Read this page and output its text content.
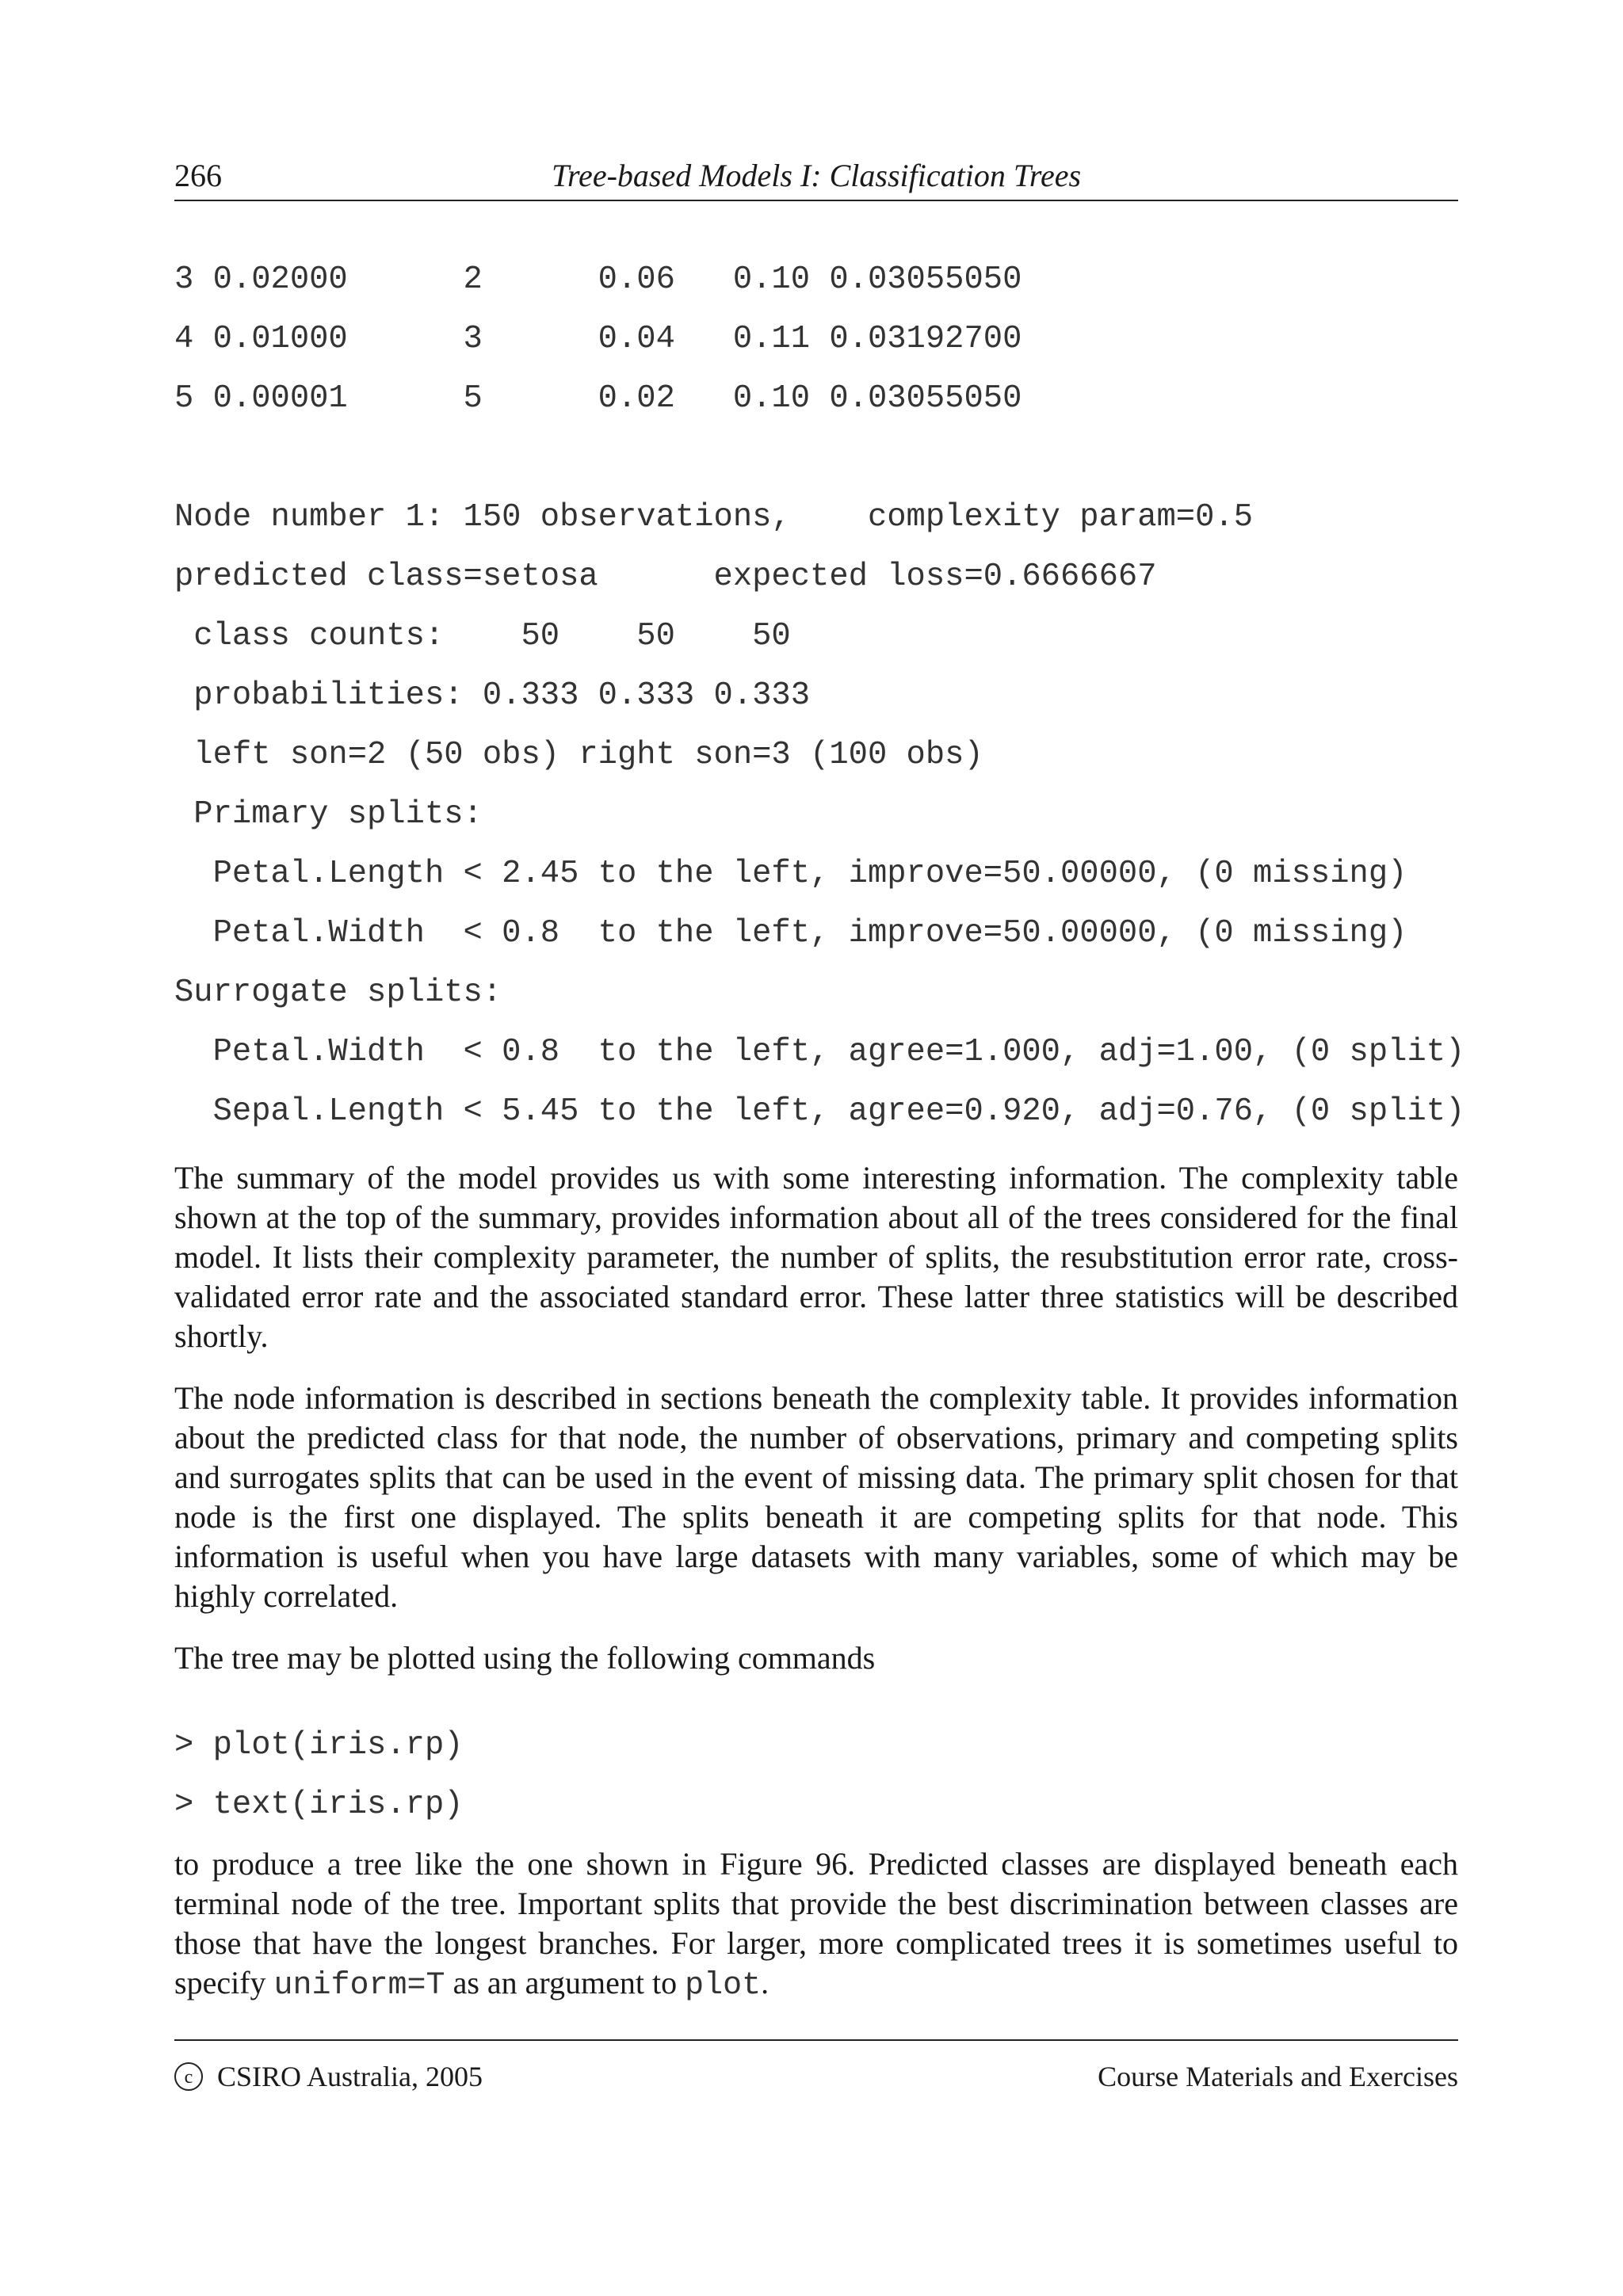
266	Tree-based Models I: Classification Trees
3 0.02000      2      0.06   0.10 0.03055050
4 0.01000      3      0.04   0.11 0.03192700
5 0.00001      5      0.02   0.10 0.03055050
Node number 1: 150 observations,    complexity param=0.5
predicted class=setosa      expected loss=0.6666667
class counts:    50    50    50
probabilities: 0.333 0.333 0.333
left son=2 (50 obs) right son=3 (100 obs)
Primary splits:
Petal.Length < 2.45 to the left, improve=50.00000, (0 missing)
Petal.Width  < 0.8  to the left, improve=50.00000, (0 missing)
Surrogate splits:
Petal.Width  < 0.8  to the left, agree=1.000, adj=1.00, (0 split)
Sepal.Length < 5.45 to the left, agree=0.920, adj=0.76, (0 split)

The summary of the model provides us with some interesting information. The complexity table shown at the top of the summary, provides information about all of the trees considered for the final model. It lists their complexity parameter, the number of splits, the resubstitution error rate, cross-validated error rate and the associated standard error. These latter three statistics will be described shortly.

The node information is described in sections beneath the complexity table. It provides information about the predicted class for that node, the number of observations, primary and competing splits and surrogates splits that can be used in the event of missing data. The primary split chosen for that node is the first one displayed. The splits beneath it are competing splits for that node. This information is useful when you have large datasets with many variables, some of which may be highly correlated.

The tree may be plotted using the following commands

> plot(iris.rp)
> text(iris.rp)

to produce a tree like the one shown in Figure 96. Predicted classes are displayed beneath each terminal node of the tree. Important splits that provide the best discrimination between classes are those that have the longest branches. For larger, more complicated trees it is sometimes useful to specify uniform=T as an argument to plot.

c CSIRO Australia, 2005	Course Materials and Exercises
